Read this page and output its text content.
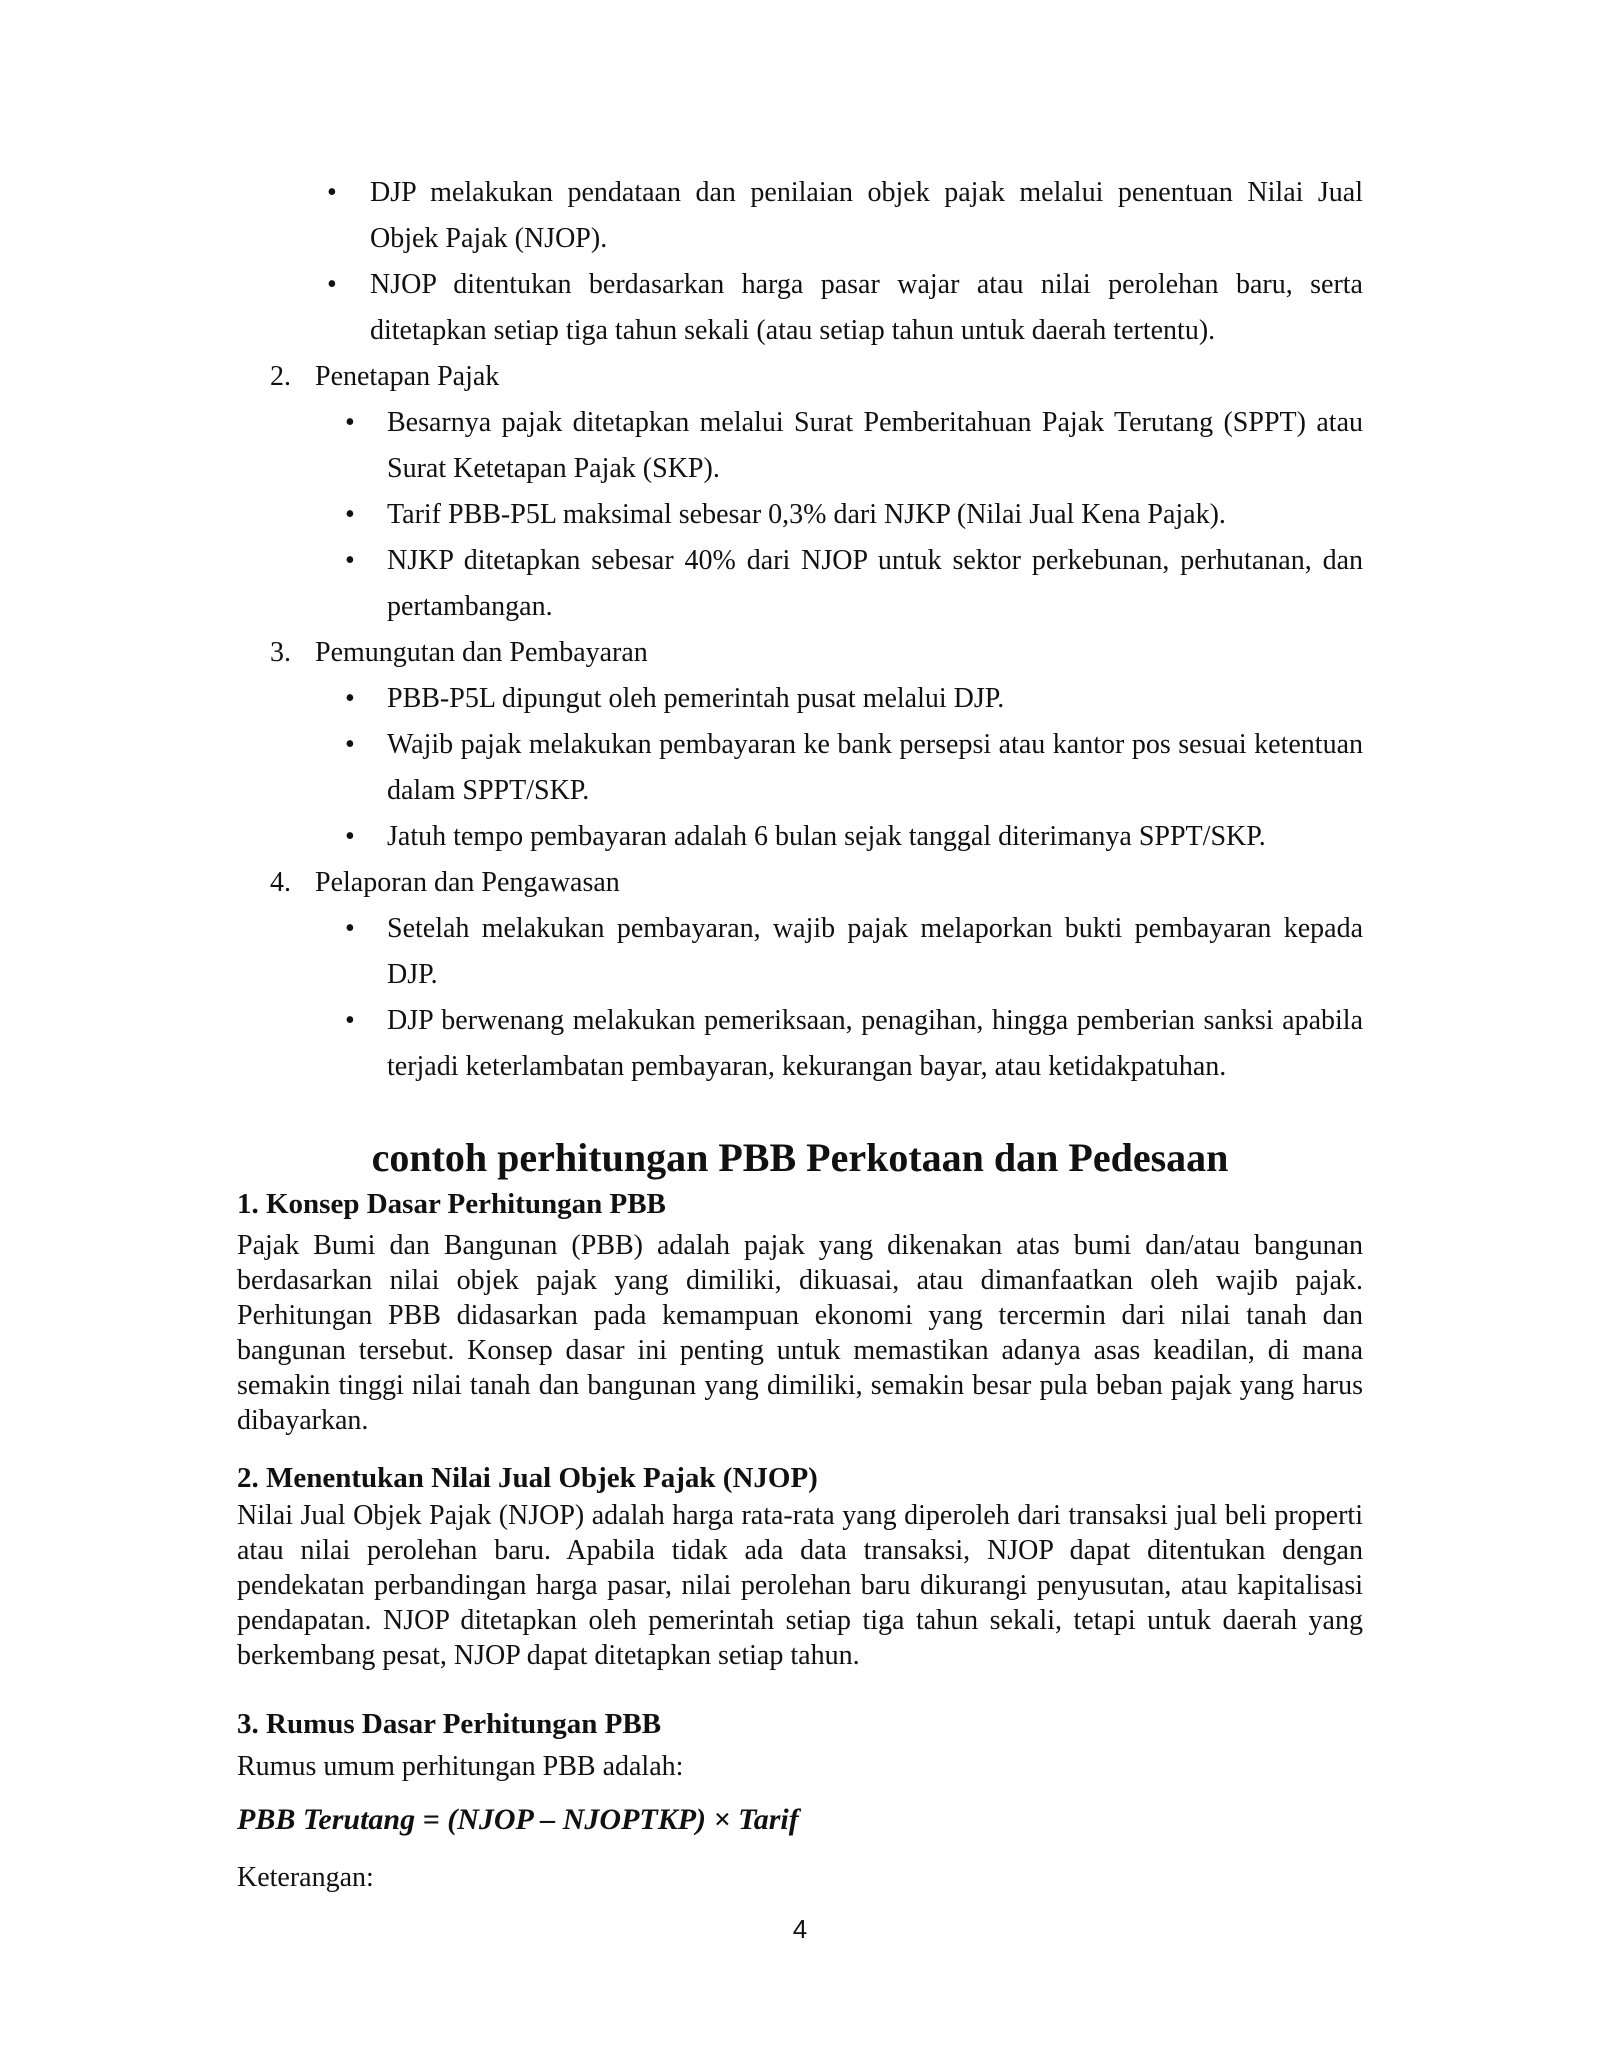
• DJP melakukan pendataan dan penilaian objek pajak melalui penentuan Nilai Jual Objek Pajak (NJOP).
• NJOP ditentukan berdasarkan harga pasar wajar atau nilai perolehan baru, serta ditetapkan setiap tiga tahun sekali (atau setiap tahun untuk daerah tertentu).
2. Penetapan Pajak
• Besarnya pajak ditetapkan melalui Surat Pemberitahuan Pajak Terutang (SPPT) atau Surat Ketetapan Pajak (SKP).
• Tarif PBB-P5L maksimal sebesar 0,3% dari NJKP (Nilai Jual Kena Pajak).
• NJKP ditetapkan sebesar 40% dari NJOP untuk sektor perkebunan, perhutanan, dan pertambangan.
3. Pemungutan dan Pembayaran
• PBB-P5L dipungut oleh pemerintah pusat melalui DJP.
• Wajib pajak melakukan pembayaran ke bank persepsi atau kantor pos sesuai ketentuan dalam SPPT/SKP.
• Jatuh tempo pembayaran adalah 6 bulan sejak tanggal diterimanya SPPT/SKP.
4. Pelaporan dan Pengawasan
• Setelah melakukan pembayaran, wajib pajak melaporkan bukti pembayaran kepada DJP.
• DJP berwenang melakukan pemeriksaan, penagihan, hingga pemberian sanksi apabila terjadi keterlambatan pembayaran, kekurangan bayar, atau ketidakpatuhan.
contoh perhitungan PBB Perkotaan dan Pedesaan
1. Konsep Dasar Perhitungan PBB
Pajak Bumi dan Bangunan (PBB) adalah pajak yang dikenakan atas bumi dan/atau bangunan berdasarkan nilai objek pajak yang dimiliki, dikuasai, atau dimanfaatkan oleh wajib pajak. Perhitungan PBB didasarkan pada kemampuan ekonomi yang tercermin dari nilai tanah dan bangunan tersebut. Konsep dasar ini penting untuk memastikan adanya asas keadilan, di mana semakin tinggi nilai tanah dan bangunan yang dimiliki, semakin besar pula beban pajak yang harus dibayarkan.
2. Menentukan Nilai Jual Objek Pajak (NJOP)
Nilai Jual Objek Pajak (NJOP) adalah harga rata-rata yang diperoleh dari transaksi jual beli properti atau nilai perolehan baru. Apabila tidak ada data transaksi, NJOP dapat ditentukan dengan pendekatan perbandingan harga pasar, nilai perolehan baru dikurangi penyusutan, atau kapitalisasi pendapatan. NJOP ditetapkan oleh pemerintah setiap tiga tahun sekali, tetapi untuk daerah yang berkembang pesat, NJOP dapat ditetapkan setiap tahun.
3. Rumus Dasar Perhitungan PBB
Rumus umum perhitungan PBB adalah:
PBB Terutang = (NJOP – NJOPTKP) × Tarif
Keterangan:
4
